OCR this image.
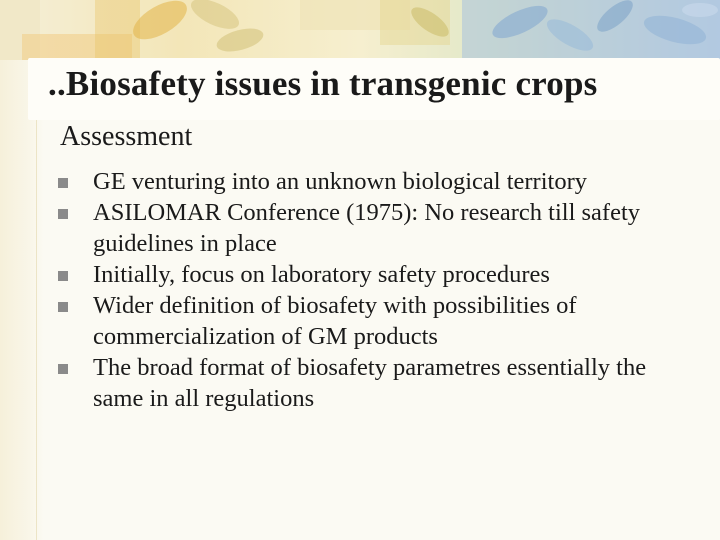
..Biosafety issues in transgenic crops
Assessment
GE venturing into an unknown biological territory
ASILOMAR Conference (1975): No research till safety guidelines in place
Initially, focus on laboratory safety procedures
Wider definition of biosafety with possibilities of commercialization of GM products
The broad format of biosafety parametres essentially the same in all regulations
